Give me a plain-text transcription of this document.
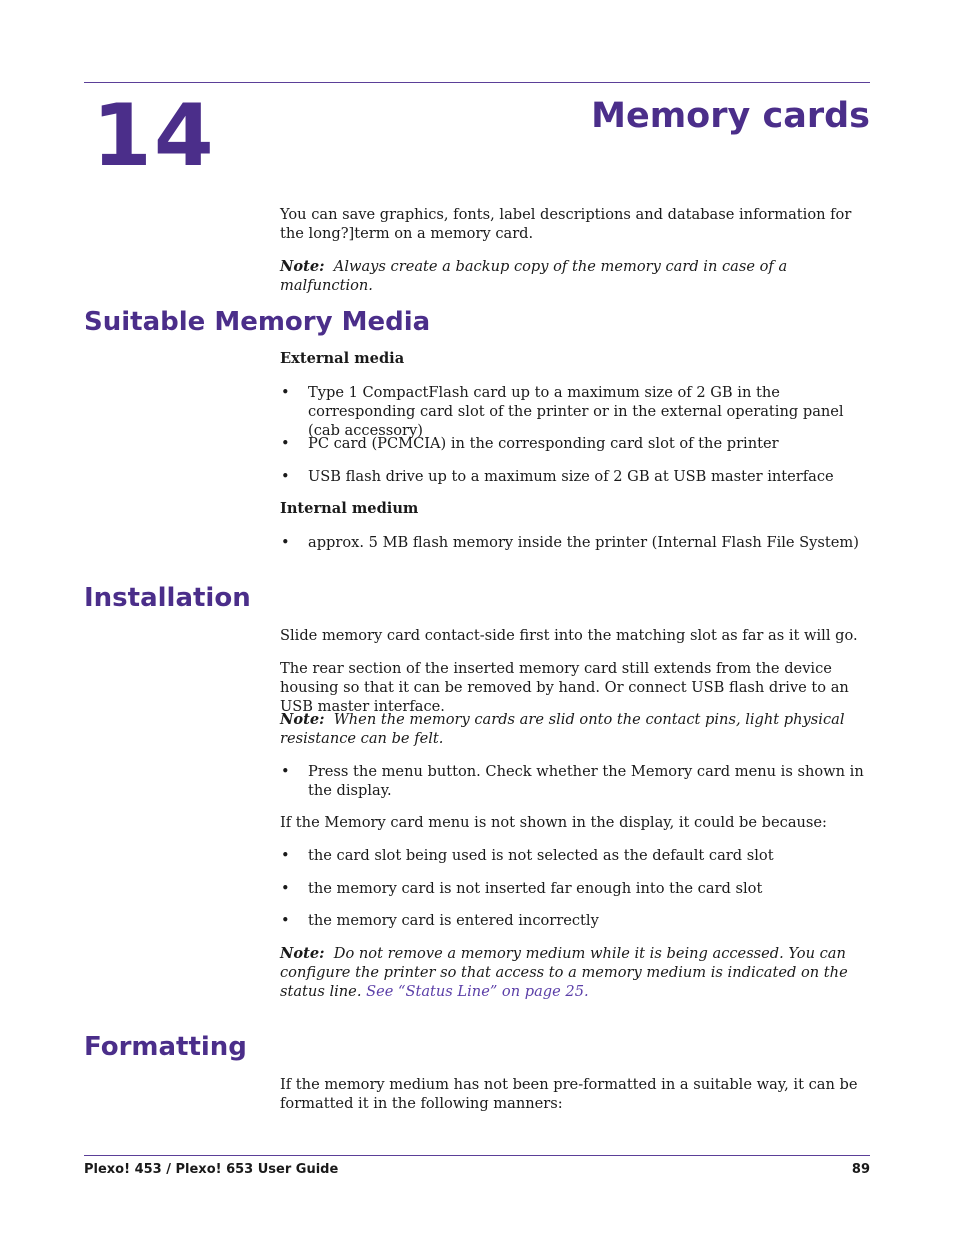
14	Memory cards
You can save graphics, fonts, label descriptions and database information for the long?]term on a memory card.
Note: Always create a backup copy of the memory card in case of a malfunction.
Suitable Memory Media
External media
• Type 1 CompactFlash card up to a maximum size of 2 GB in the corresponding card slot of the printer or in the external operating panel (cab accessory)
• PC card (PCMCIA) in the corresponding card slot of the printer
• USB flash drive up to a maximum size of 2 GB at USB master interface
Internal medium
• approx. 5 MB flash memory inside the printer (Internal Flash File System)
Installation
Slide memory card contact-side first into the matching slot as far as it will go.
The rear section of the inserted memory card still extends from the device housing so that it can be removed by hand. Or connect USB flash drive to an USB master interface.
Note: When the memory cards are slid onto the contact pins, light physical resistance can be felt.
• Press the menu button. Check whether the Memory card menu is shown in the display.
If the Memory card menu is not shown in the display, it could be because:
• the card slot being used is not selected as the default card slot
• the memory card is not inserted far enough into the card slot
• the memory card is entered incorrectly
Note: Do not remove a memory medium while it is being accessed. You can configure the printer so that access to a memory medium is indicated on the status line. See “Status Line” on page 25.
Formatting
If the memory medium has not been pre-formatted in a suitable way, it can be formatted it in the following manners:
Plexo! 453 / Plexo! 653 User Guide	89
